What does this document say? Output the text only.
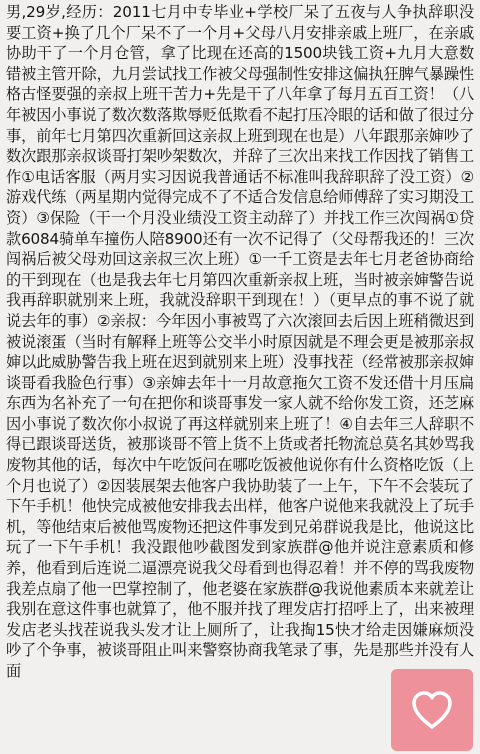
男,29岁,经历：2011七月中专毕业+学校厂呆了五夜与人争执辞职没要工资+换了几个厂呆不了一个月+父母八月安排亲戚上班厂，在亲戚协助干了一个月仓管，拿了比现在还高的1500块钱工资+九月大意数错被主管开除，九月尝试找工作被父母强制性安排这偏执狂脾气暴躁性格古怪要强的亲叔上班干苦力+先是干了八年拿了每月五百工资！（八年被因小事说了数次数落欺辱贬低欺看不起打压冷眼的话和做了很过分事，前年七月第四次重新回这亲叔上班到现在也是）八年跟那亲婶吵了数次跟那亲叔谈哥打架吵架数次，并辞了三次出来找工作因找了销售工作①电话客服（两月实习因说我普通话不标准叫我辞职辞了没工资）②游戏代练（两星期内觉得完成不了不适合发信息给师傅辞了实习期没工资）③保险（干一个月没业绩没工资主动辞了）并找工作三次闯祸①贷款6084骑单车撞伤人陪8900还有一次不记得了（父母帮我还的！三次闯祸后被父母劝回这亲叔三次上班）①一千工资是去年七月老爸协商给的干到现在（也是我去年七月第四次重新亲叔上班，当时被亲婶警告说我再辞职就别来上班，我就没辞职干到现在！）（更早点的事不说了就说去年的事）②亲叔：今年因小事被骂了六次滚回去后因上班稍微迟到被说滚蛋（当时有解释上班等公交半小时原因就是不理会更是被那亲叔婶以此威胁警告我上班在迟到就别来上班）没事找茬（经常被那亲叔婶谈哥看我脸色行事）③亲婶去年十一月故意拖欠工资不发还借十月压扁东西为名补充了一句在把你和谈哥事发一家人就不给你发工资，还芝麻因小事说了数次你小叔说了再这样就别来上班了！④自去年三人辞职不得已跟谈哥送货，被那谈哥不管上货不上货或者托物流总莫名其妙骂我废物其他的话，每次中午吃饭问在哪吃饭被他说你有什么资格吃饭（上个月也说了）②因装展架去他客户我协助装了一上午，下午不会装玩了下午手机！他快完成被他安排我去出样，他客户说他来我就没上了玩手机，等他结束后被他骂废物还把这件事发到兄弟群说我是比，他说这比玩了一下午手机！我没跟他吵截图发到家族群@他并说注意素质和修养，他看到后连说二逼漂亮说我父母看到也得忍着！并不停的骂我废物我差点扇了他一巴掌控制了，他老婆在家族群@我说他素质本来就差让我别在意这件事也就算了，他不服并找了理发店打招呼上了，出来被理发店老头找茬说我头发才让上厕所了，让我掏15快才给走因嫌麻烦没吵了个争事，被谈哥阻止叫来警察协商我笔录了事，先是那些并没有人面
